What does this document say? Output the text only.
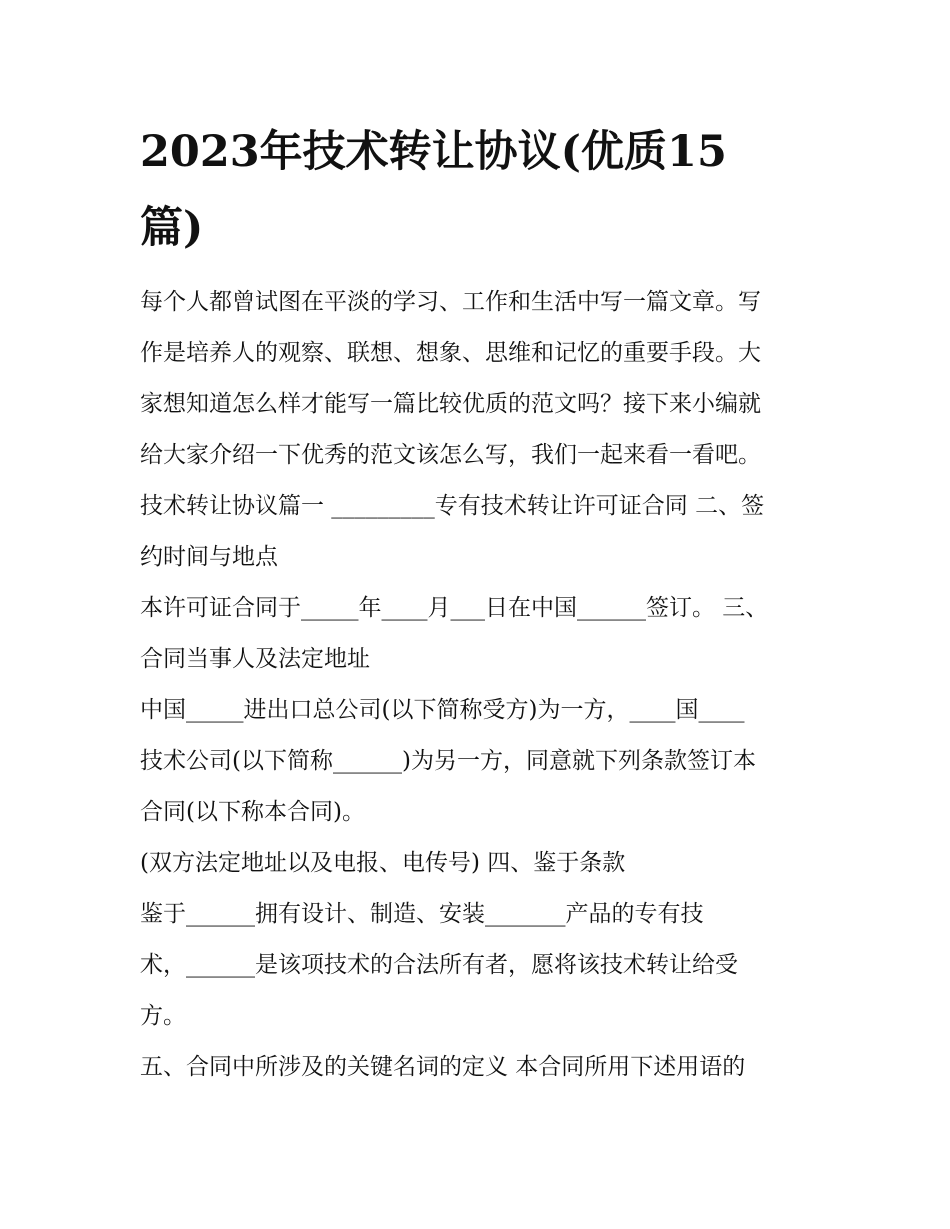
2023年技术转让协议(优质15
篇)
每个人都曾试图在平淡的学习、工作和生活中写一篇文章。写
作是培养人的观察、联想、想象、思维和记忆的重要手段。大
家想知道怎么样才能写一篇比较优质的范文吗？接下来小编就
给大家介绍一下优秀的范文该怎么写，我们一起来看一看吧。
技术转让协议篇一 _________专有技术转让许可证合同 二、签
约时间与地点
本许可证合同于_____年____月___日在中国______签订。 三、
合同当事人及法定地址
中国_____进出口总公司(以下简称受方)为一方，____国____
技术公司(以下简称______)为另一方，同意就下列条款签订本
合同(以下称本合同)。
(双方法定地址以及电报、电传号) 四、鉴于条款
鉴于______拥有设计、制造、安装_______产品的专有技
术，______是该项技术的合法所有者，愿将该技术转让给受
方。
五、合同中所涉及的关键名词的定义 本合同所用下述用语的
